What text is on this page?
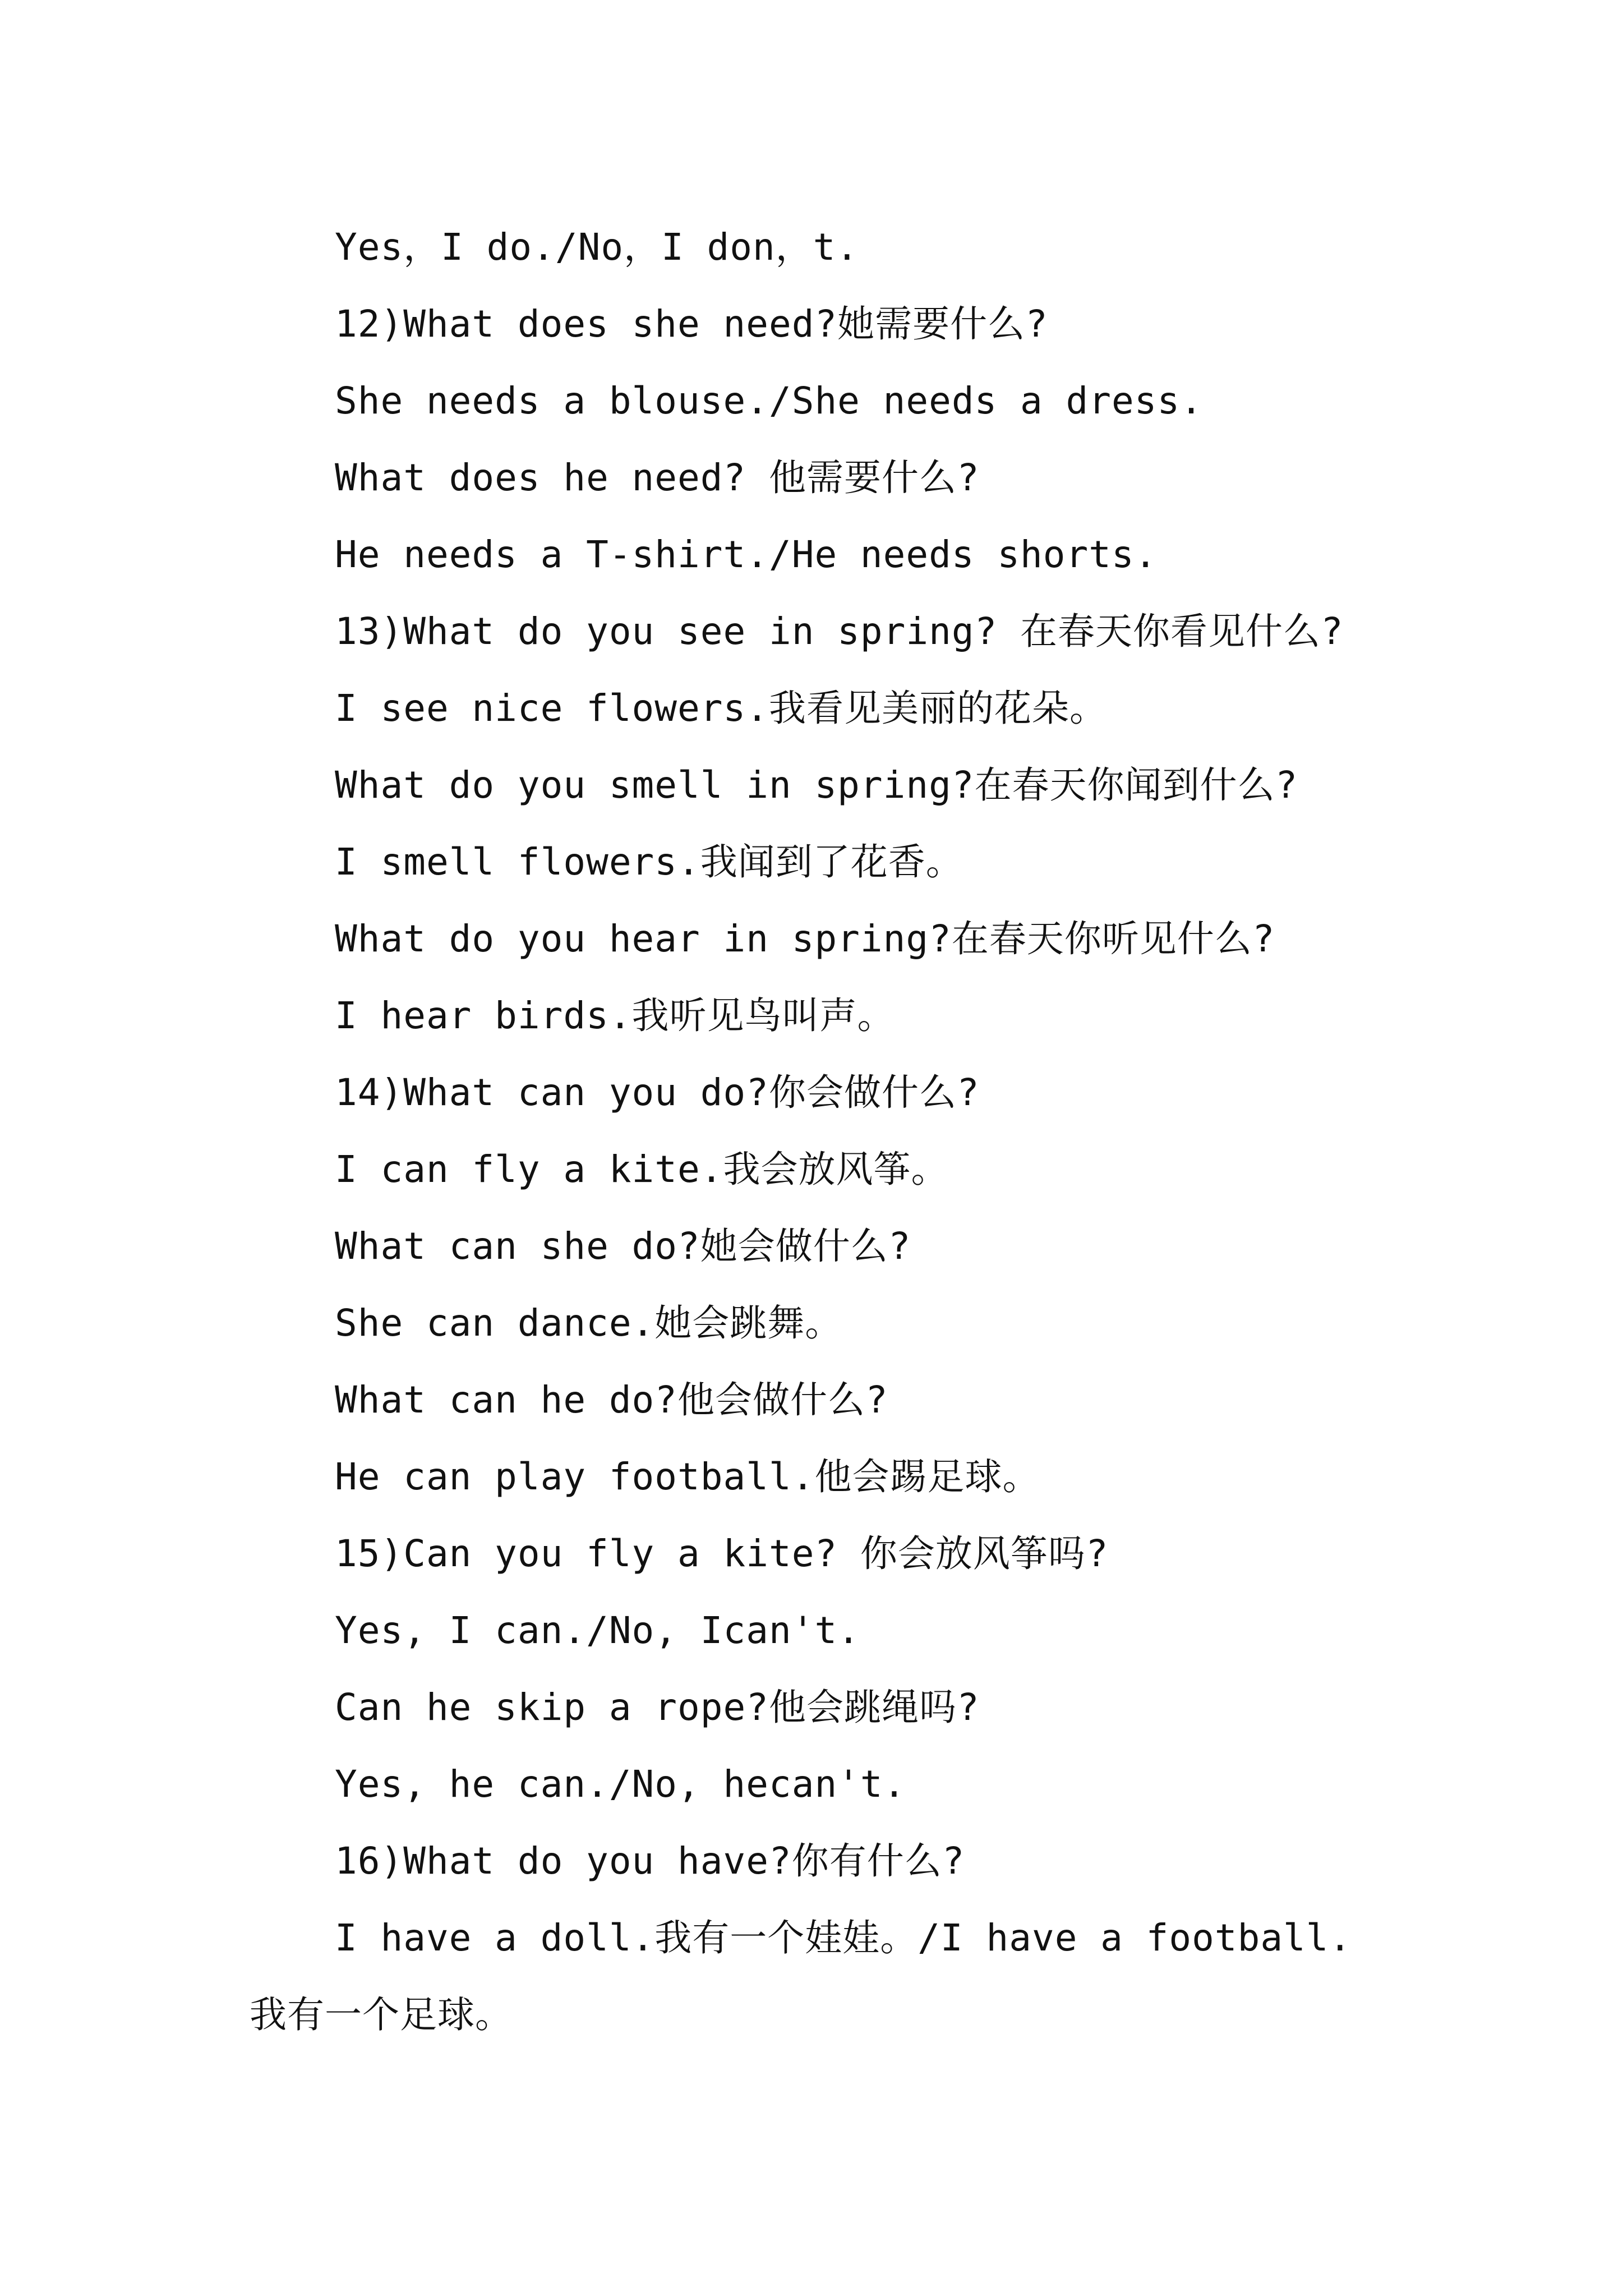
Yes，I do./No，I don，t.
12)What does she need?她需要什么?
She needs a blouse./She needs a dress.
What does he need? 他需要什么?
He needs a T-shirt./He needs shorts.
13)What do you see in spring? 在春天你看见什么?
I see nice flowers.我看见美丽的花朵。
What do you smell in spring?在春天你闻到什么?
I smell flowers.我闻到了花香。
What do you hear in spring?在春天你听见什么?
I hear birds.我听见鸟叫声。
14)What can you do?你会做什么?
I can fly a kite.我会放风筝。
What can she do?她会做什么?
She can dance.她会跳舞。
What can he do?他会做什么?
He can play football.他会踢足球。
15)Can you fly a kite? 你会放风筝吗?
Yes, I can./No, Ican't.
Can he skip a rope?他会跳绳吗?
Yes, he can./No, hecan't.
16)What do you have?你有什么?
I have a doll.我有一个娃娃。/I have a football.
我有一个足球。
